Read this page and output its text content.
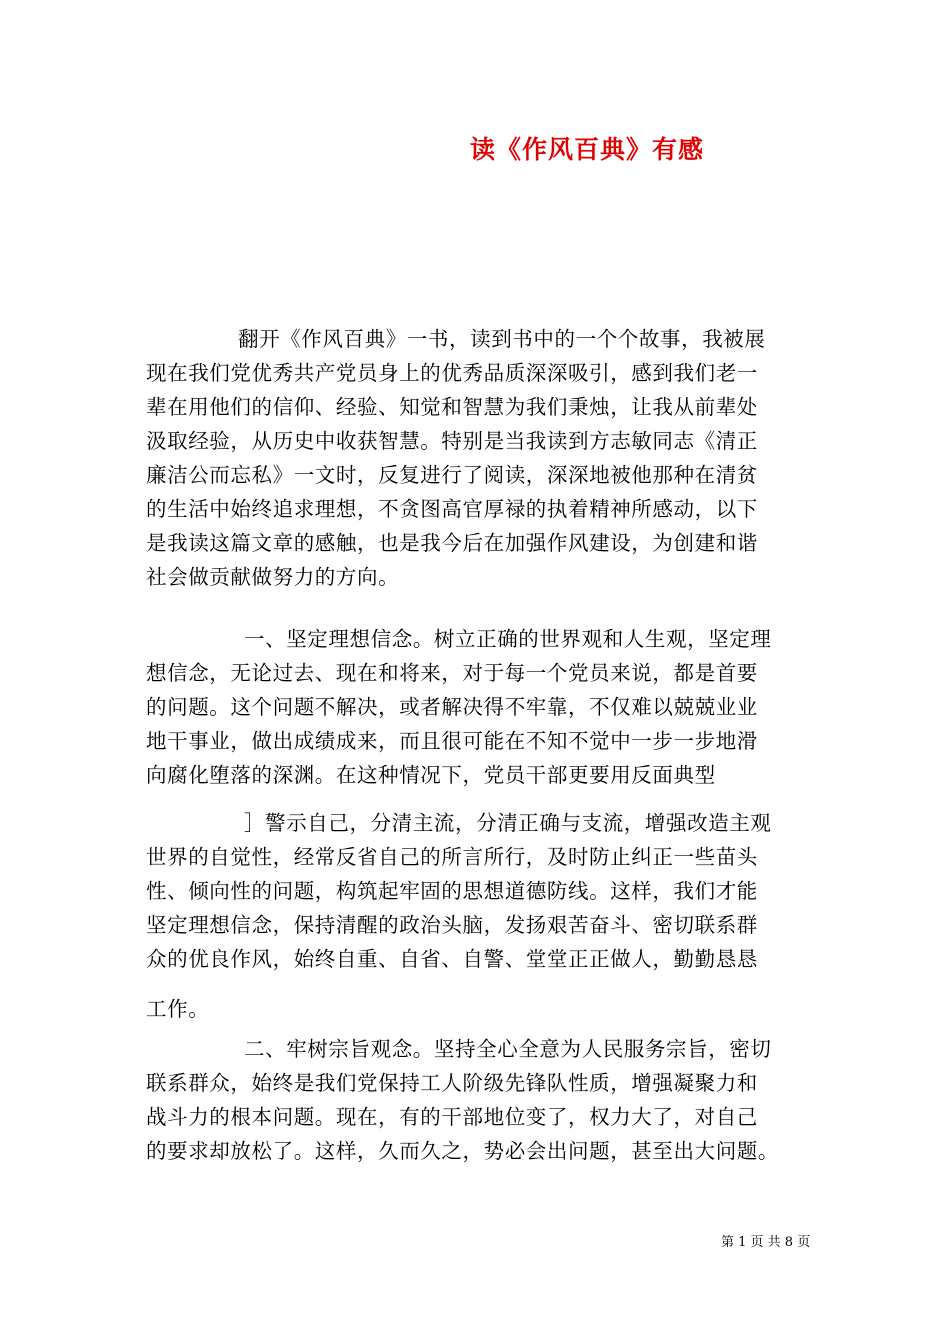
读《作风百典》有感
翻开《作风百典》一书，读到书中的一个个故事，我被展
现在我们党优秀共产党员身上的优秀品质深深吸引，感到我们老一
辈在用他们的信仰、经验、知觉和智慧为我们秉烛，让我从前辈处
汲取经验，从历史中收获智慧。特别是当我读到方志敏同志《清正
廉洁公而忘私》一文时，反复进行了阅读，深深地被他那种在清贫
的生活中始终追求理想，不贪图高官厚禄的执着精神所感动，以下
是我读这篇文章的感触，也是我今后在加强作风建设，为创建和谐
社会做贡献做努力的方向。
一、坚定理想信念。树立正确的世界观和人生观，坚定理
想信念，无论过去、现在和将来，对于每一个党员来说，都是首要
的问题。这个问题不解决，或者解决得不牢靠，不仅难以兢兢业业
地干事业，做出成绩成来，而且很可能在不知不觉中一步一步地滑
向腐化堕落的深渊。在这种情况下，党员干部更要用反面典型
］警示自己，分清主流，分清正确与支流，增强改造主观
世界的自觉性，经常反省自己的所言所行，及时防止纠正一些苗头
性、倾向性的问题，构筑起牢固的思想道德防线。这样，我们才能
坚定理想信念，保持清醒的政治头脑，发扬艰苦奋斗、密切联系群
众的优良作风，始终自重、自省、自警、堂堂正正做人，勤勤恳恳
工作。
二、牢树宗旨观念。坚持全心全意为人民服务宗旨，密切
联系群众，始终是我们党保持工人阶级先锋队性质，增强凝聚力和
战斗力的根本问题。现在，有的干部地位变了，权力大了，对自己
的要求却放松了。这样，久而久之，势必会出问题，甚至出大问题。
第 1 页 共 8 页
